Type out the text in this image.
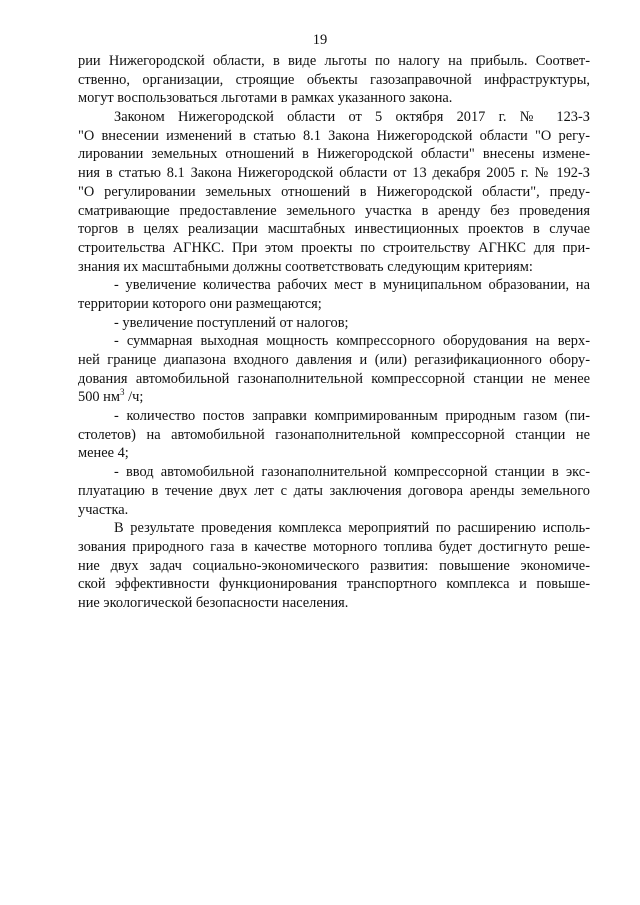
19
рии Нижегородской области, в виде льготы по налогу на прибыль. Соответ-
ственно, организации, строящие объекты газозаправочной инфраструктуры,
могут воспользоваться льготами в рамках указанного закона.
Законом Нижегородской области от 5 октября 2017 г. № 123-З
"О внесении изменений в статью 8.1 Закона Нижегородской области "О регу-
лировании земельных отношений в Нижегородской области" внесены измене-
ния в статью 8.1 Закона Нижегородской области от 13 декабря 2005 г. № 192-З
"О регулировании земельных отношений в Нижегородской области", преду-
сматривающие предоставление земельного участка в аренду без проведения
торгов в целях реализации масштабных инвестиционных проектов в случае
строительства АГНКС. При этом проекты по строительству АГНКС для при-
знания их масштабными должны соответствовать следующим критериям:
- увеличение количества рабочих мест в муниципальном образовании, на
территории которого они размещаются;
- увеличение поступлений от налогов;
- суммарная выходная мощность компрессорного оборудования на верх-
ней границе диапазона входного давления и (или) регазификационного обору-
дования автомобильной газонаполнительной компрессорной станции не менее
500 $нм^3$ /ч;
- количество постов заправки компримированным природным газом (пи-
столетов) на автомобильной газонаполнительной компрессорной станции не
менее 4;
- ввод автомобильной газонаполнительной компрессорной станции в экс-
плуатацию в течение двух лет с даты заключения договора аренды земельного
участка.
В результате проведения комплекса мероприятий по расширению исполь-
зования природного газа в качестве моторного топлива будет достигнуто реше-
ние двух задач социально-экономического развития: повышение экономиче-
ской эффективности функционирования транспортного комплекса и повыше-
ние экологической безопасности населения.
